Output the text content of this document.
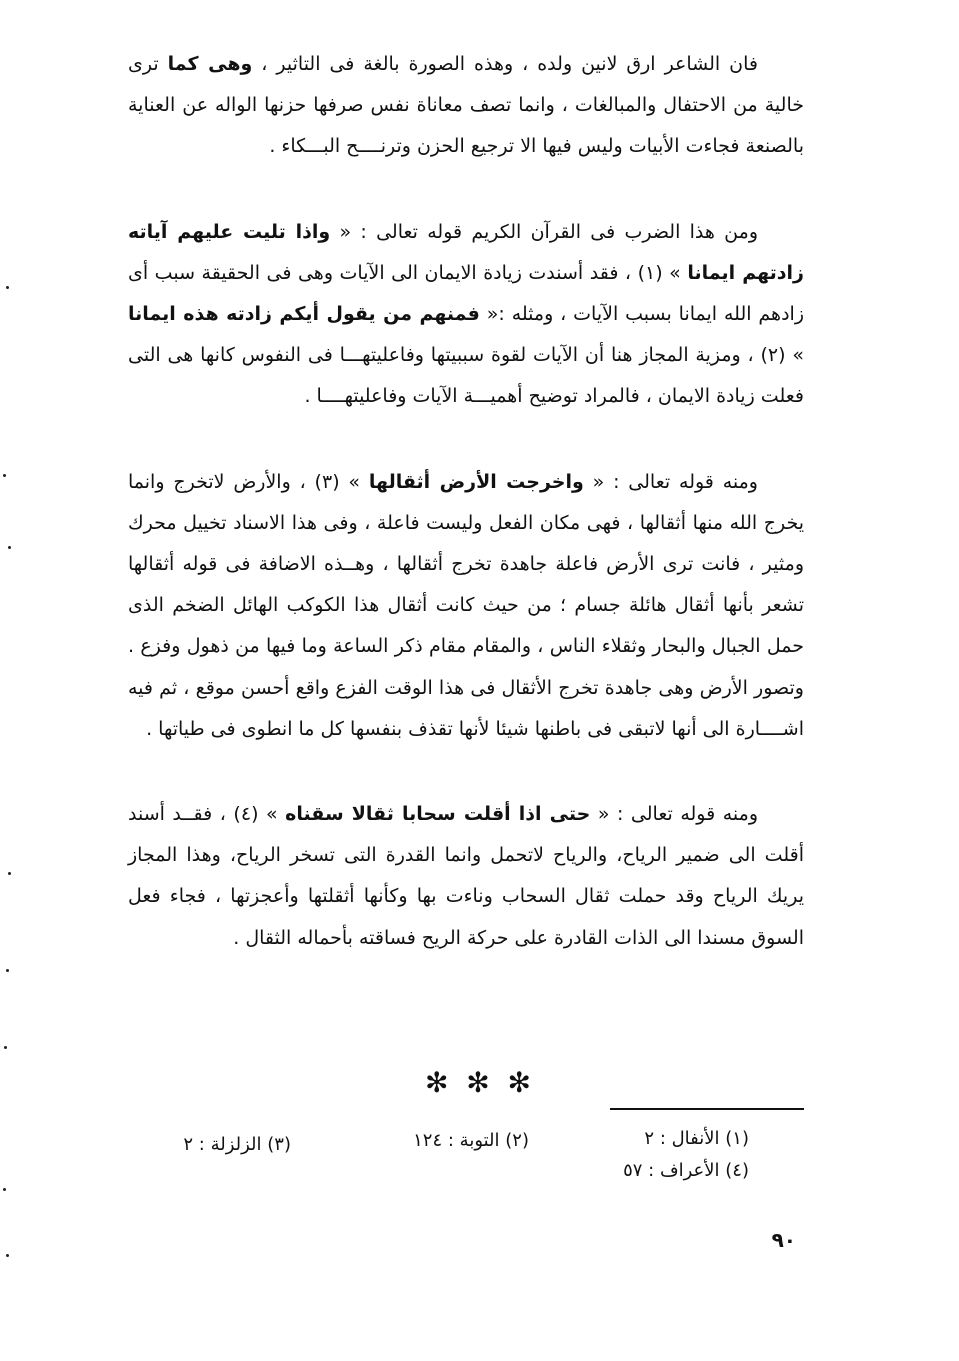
فان الشاعر ارق لانين ولده ، وهذه الصورة بالغة فى التاثير ، وهى كما ترى خالية من الاحتفال والمبالغات ، وانما تصف معاناة نفس صرفها حزنها الواله عن العناية بالصنعة فجاءت الأبيات وليس فيها الا ترجيع الحزن وترنــــح البـــكاء .

ومن هذا الضرب فى القرآن الكريم قوله تعالى : « واذا تليت عليهم آياته زادتهم ايمانا » (١) ، فقد أسندت زيادة الايمان الى الآيات وهى فى الحقيقة سبب أى زادهم الله ايمانا بسبب الآيات ، ومثله :« فمنهم من يقول أيكم زادته هذه ايمانا » (٢) ، ومزية المجاز هنا أن الآيات لقوة سببيتها وفاعليتهـــا فى النفوس كانها هى التى فعلت زيادة الايمان ، فالمراد توضيح أهميـــة الآيات وفاعليتهــــا .

ومنه قوله تعالى : « واخرجت الأرض أثقالها » (٣) ، والأرض لاتخرج وانما يخرج الله منها أثقالها ، فهى مكان الفعل وليست فاعلة ، وفى هذا الاسناد تخييل محرك ومثير ، فانت ترى الأرض فاعلة جاهدة تخرج أثقالها ، وهــذه الاضافة فى قوله أثقالها تشعر بأنها أثقال هائلة جسام ؛ من حيث كانت أثقال هذا الكوكب الهائل الضخم الذى حمل الجبال والبحار وثقلاء الناس ، والمقام مقام ذكر الساعة وما فيها من ذهول وفزع . وتصور الأرض وهى جاهدة تخرج الأثقال فى هذا الوقت الفزع واقع أحسن موقع ، ثم فيه اشــــارة الى أنها لاتبقى فى باطنها شيئا لأنها تقذف بنفسها كل ما انطوى فى طياتها .

ومنه قوله تعالى : « حتى اذا أقلت سحابا ثقالا سقناه » (٤) ، فقــد أسند أقلت الى ضمير الرياح، والرياح لاتحمل وانما القدرة التى تسخر الرياح، وهذا المجاز يريك الرياح وقد حملت ثقال السحاب وناءت بها وكأنها أثقلتها وأعجزتها ، فجاء فعل السوق مسندا الى الذات القادرة على حركة الريح فساقته بأحماله الثقال .

✻ ✻ ✻
(١) الأنفال : ٢
(٢) التوبة : ١٢٤
(٣) الزلزلة : ٢
(٤) الأعراف : ٥٧
٩٠
